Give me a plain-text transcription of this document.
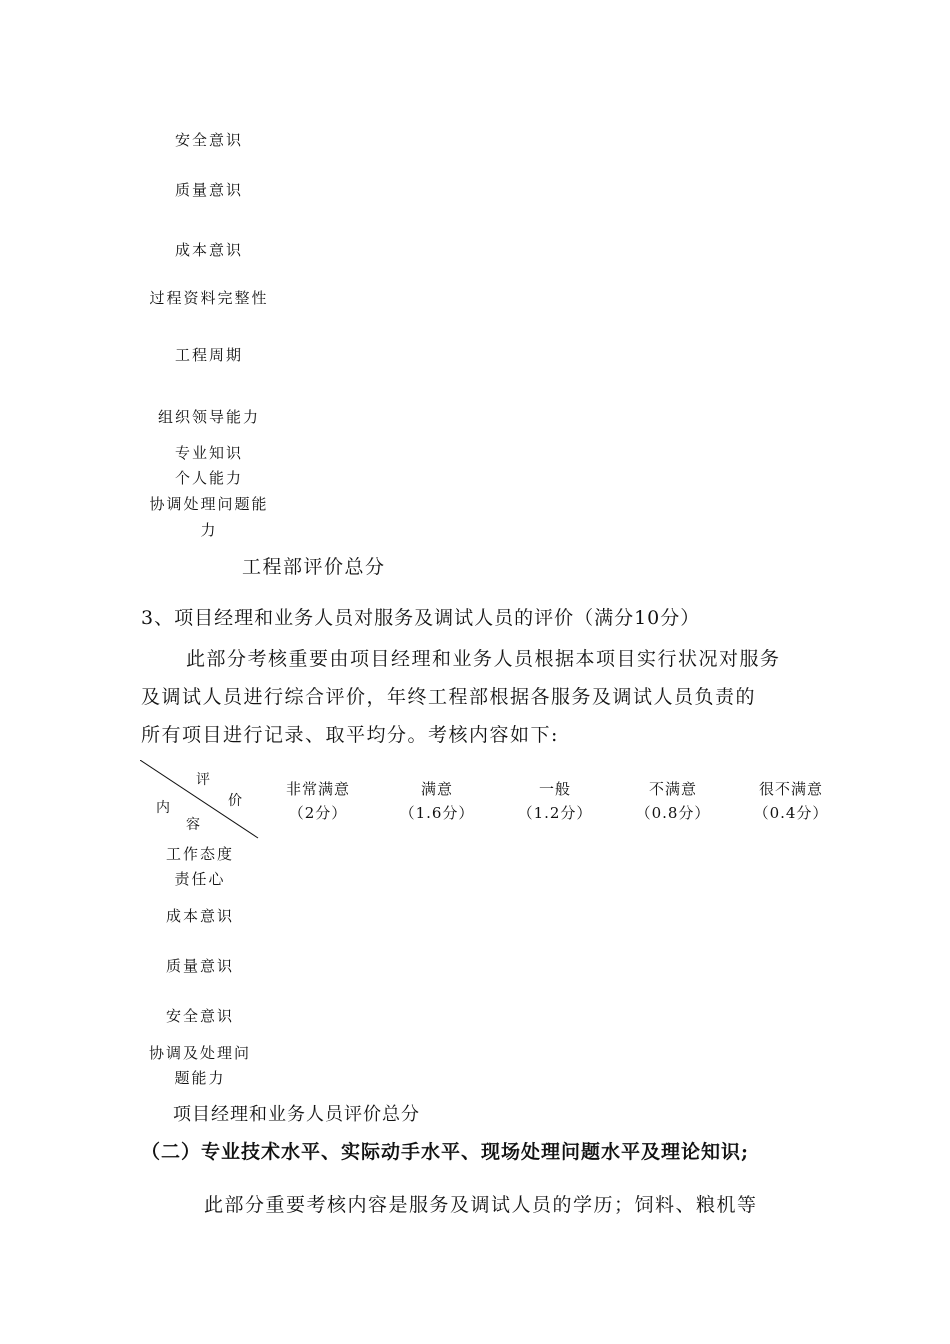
安全意识
质量意识
成本意识
过程资料完整性
工程周期
组织领导能力
专业知识
个人能力
协调处理问题能
力
工程部评价总分
3、项目经理和业务人员对服务及调试人员的评价（满分10分）
此部分考核重要由项目经理和业务人员根据本项目实行状况对服务
及调试人员进行综合评价，年终工程部根据各服务及调试人员负责的
所有项目进行记录、取平均分。考核内容如下:
评
价
内
容
非常满意
（2分）
满意
（1.6分）
一般
（1.2分）
不满意
（0.8分）
很不满意
（0.4分）
工作态度
责任心
成本意识
质量意识
安全意识
协调及处理问
题能力
项目经理和业务人员评价总分
（二）专业技术水平、实际动手水平、现场处理问题水平及理论知识;
此部分重要考核内容是服务及调试人员的学历；饲料、粮机等
